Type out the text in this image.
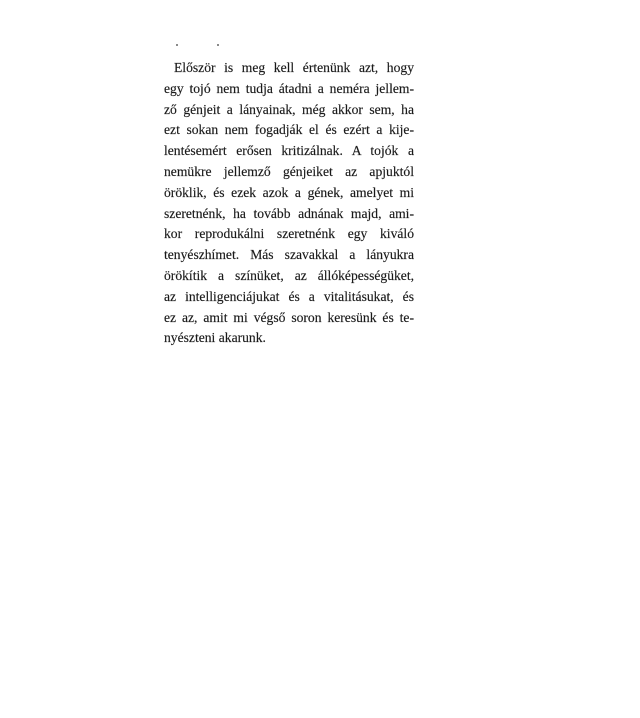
Először is meg kell értenünk azt, hogy
egy tojó nem tudja átadni a neméra jellem-
ző génjeit a lányainak, még akkor sem, ha
ezt sokan nem fogadják el és ezért a kije-
lentésemért erősen kritizálnak. A tojók a
nemükre jellemző génjeiket az apjuktól
öröklik, és ezek azok a gének, amelyet mi
szeretnénk, ha tovább adnának majd, ami-
kor reprodukálni szeretnénk egy kiváló
tenyészhímet. Más szavakkal a lányukra
örökítik a színüket, az állóképességüket,
az intelligenciájukat és a vitalitásukat, és
ez az, amit mi végső soron keresünk és te-
nyészteni akarunk.
